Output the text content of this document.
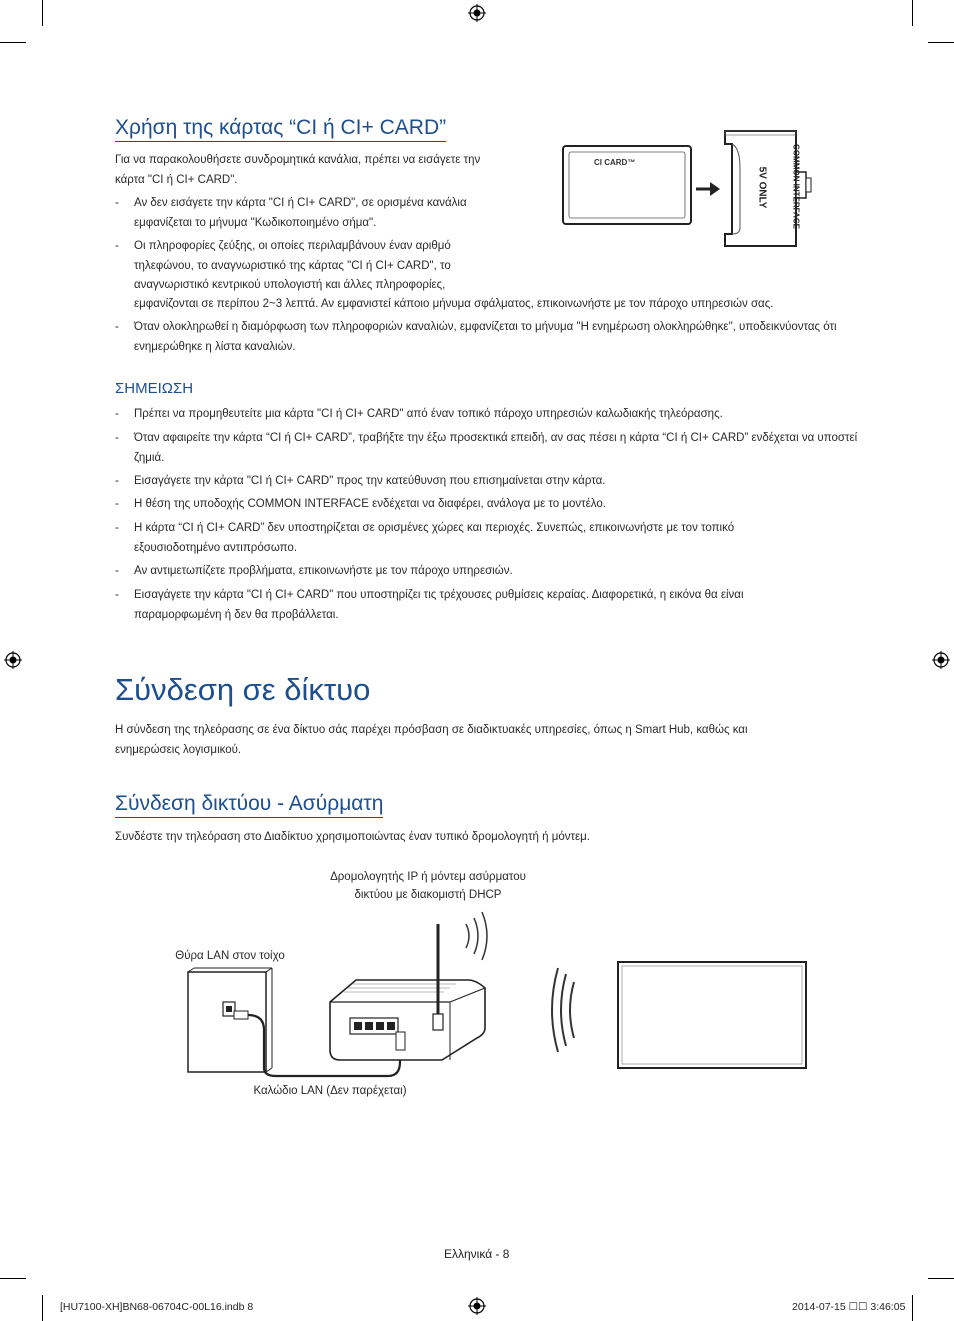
Χρήση της κάρτας “CI ή CI+ CARD”
Για να παρακολουθήσετε συνδρομητικά κανάλια, πρέπει να εισάγετε την κάρτα "CI ή CI+ CARD".
- Αν δεν εισάγετε την κάρτα "CI ή CI+ CARD", σε ορισμένα κανάλια εμφανίζεται το μήνυμα "Κωδικοποιημένο σήμα".
- Οι πληροφορίες ζεύξης, οι οποίες περιλαμβάνουν έναν αριθμό τηλεφώνου, το αναγνωριστικό της κάρτας "CI ή CI+ CARD", το αναγνωριστικό κεντρικού υπολογιστή και άλλες πληροφορίες,
εμφανίζονται σε περίπου 2~3 λεπτά. Αν εμφανιστεί κάποιο μήνυμα σφάλματος, επικοινωνήστε με τον πάροχο υπηρεσιών σας.
- Όταν ολοκληρωθεί η διαμόρφωση των πληροφοριών καναλιών, εμφανίζεται το μήνυμα "Η ενημέρωση ολοκληρώθηκε", υποδεικνύοντας ότι ενημερώθηκε η λίστα καναλιών.
CI CARD™	COMMON INTERFACE
5V ONLY
ΣΗΜΕΙΩΣΗ
- Πρέπει να προμηθευτείτε μια κάρτα "CI ή CI+ CARD" από έναν τοπικό πάροχο υπηρεσιών καλωδιακής τηλεόρασης.
- Όταν αφαιρείτε την κάρτα “CI ή CI+ CARD”, τραβήξτε την έξω προσεκτικά επειδή, αν σας πέσει η κάρτα “CI ή CI+ CARD” ενδέχεται να υποστεί ζημιά.
- Εισαγάγετε την κάρτα "CI ή CI+ CARD" προς την κατεύθυνση που επισημαίνεται στην κάρτα.
- Η θέση της υποδοχής COMMON INTERFACE ενδέχεται να διαφέρει, ανάλογα με το μοντέλο.
- Η κάρτα “CI ή CI+ CARD” δεν υποστηρίζεται σε ορισμένες χώρες και περιοχές. Συνεπώς, επικοινωνήστε με τον τοπικό εξουσιοδοτημένο αντιπρόσωπο.
- Αν αντιμετωπίζετε προβλήματα, επικοινωνήστε με τον πάροχο υπηρεσιών.
- Εισαγάγετε την κάρτα "CI ή CI+ CARD" που υποστηρίζει τις τρέχουσες ρυθμίσεις κεραίας. Διαφορετικά, η εικόνα θα είναι παραμορφωμένη ή δεν θα προβάλλεται.
Σύνδεση σε δίκτυο
Η σύνδεση της τηλεόρασης σε ένα δίκτυο σάς παρέχει πρόσβαση σε διαδικτυακές υπηρεσίες, όπως η Smart Hub, καθώς και ενημερώσεις λογισμικού.
Σύνδεση δικτύου - Ασύρματη
Συνδέστε την τηλεόραση στο Διαδίκτυο χρησιμοποιώντας έναν τυπικό δρομολογητή ή μόντεμ.
Δρομολογητής IP ή μόντεμ ασύρματου
δικτύου με διακομιστή DHCP
Θύρα LAN στον τοίχο
Καλώδιο LAN (Δεν παρέχεται)
Ελληνικά - 8
[HU7100-XH]BN68-06704C-00L16.indb 8	2014-07-15 ☐☐ 3:46:05
